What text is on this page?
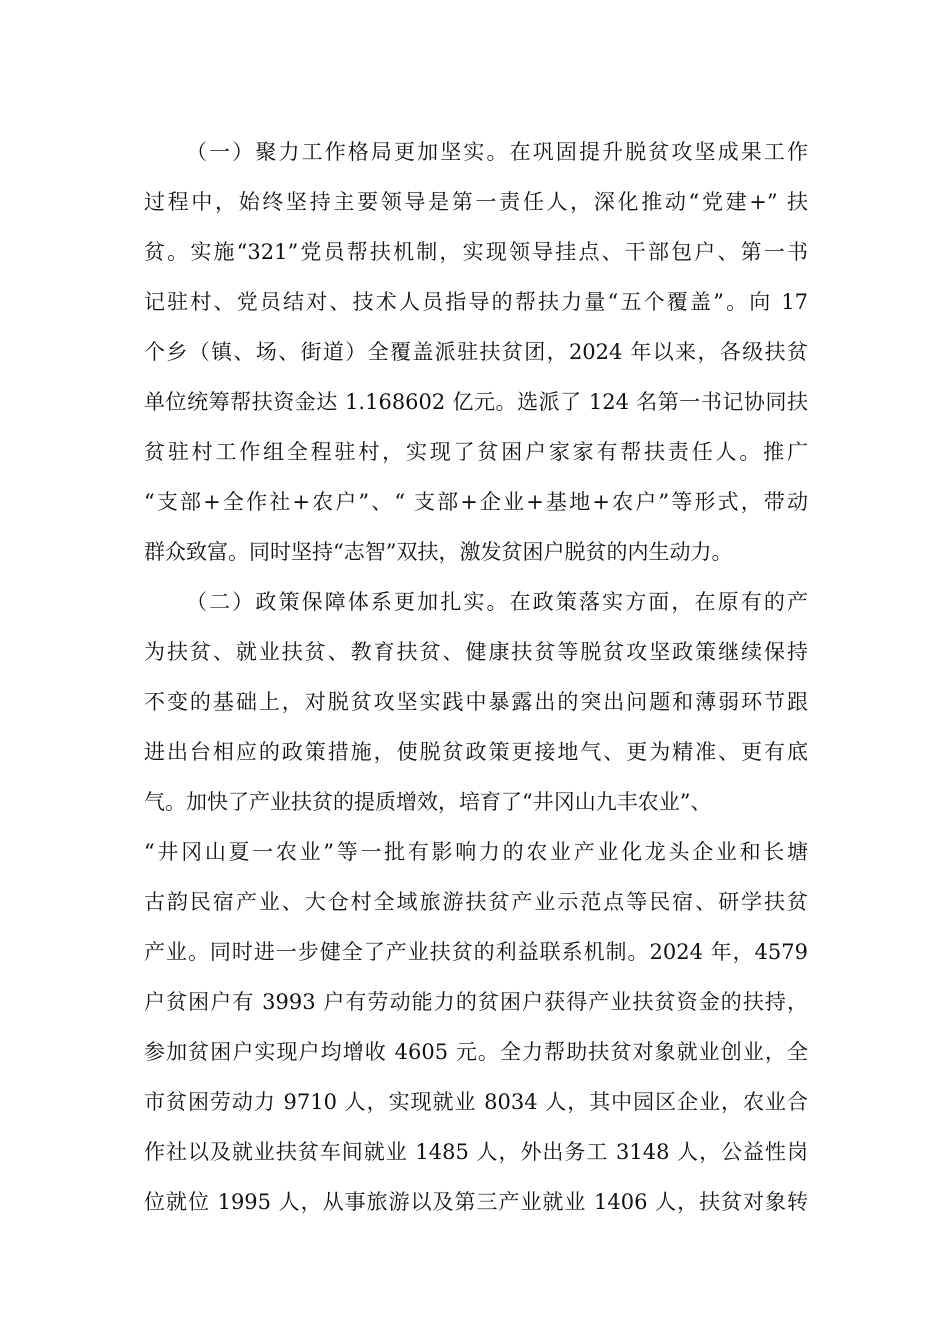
（一）聚力工作格局更加坚实。在巩固提升脱贫攻坚成果工作
过程中，始终坚持主要领导是第一责任人，深化推动“党建+” 扶
贫。实施“321”党员帮扶机制，实现领导挂点、干部包户、第一书
记驻村、党员结对、技术人员指导的帮扶力量“五个覆盖”。向 17
个乡（镇、场、街道）全覆盖派驻扶贫团，2024 年以来，各级扶贫
单位统筹帮扶资金达 1.168602 亿元。选派了 124 名第一书记协同扶
贫驻村工作组全程驻村，实现了贫困户家家有帮扶责任人。推广
“支部+全作社+农户”、“ 支部+企业+基地+农户”等形式，带动
群众致富。同时坚持“志智”双扶，激发贫困户脱贫的内生动力。
（二）政策保障体系更加扎实。在政策落实方面，在原有的产
为扶贫、就业扶贫、教育扶贫、健康扶贫等脱贫攻坚政策继续保持
不变的基础上，对脱贫攻坚实践中暴露出的突出问题和薄弱环节跟
进出台相应的政策措施，使脱贫政策更接地气、更为精准、更有底
气。加快了产业扶贫的提质增效，培育了“井冈山九丰农业”、
“井冈山夏一农业”等一批有影响力的农业产业化龙头企业和长塘
古韵民宿产业、大仓村全域旅游扶贫产业示范点等民宿、研学扶贫
产业。同时进一步健全了产业扶贫的利益联系机制。2024 年，4579
户贫困户有 3993 户有劳动能力的贫困户获得产业扶贫资金的扶持，
参加贫困户实现户均增收 4605 元。全力帮助扶贫对象就业创业，全
市贫困劳动力 9710 人，实现就业 8034 人，其中园区企业，农业合
作社以及就业扶贫车间就业 1485 人，外出务工 3148 人，公益性岗
位就位 1995 人，从事旅游以及第三产业就业 1406 人，扶贫对象转
